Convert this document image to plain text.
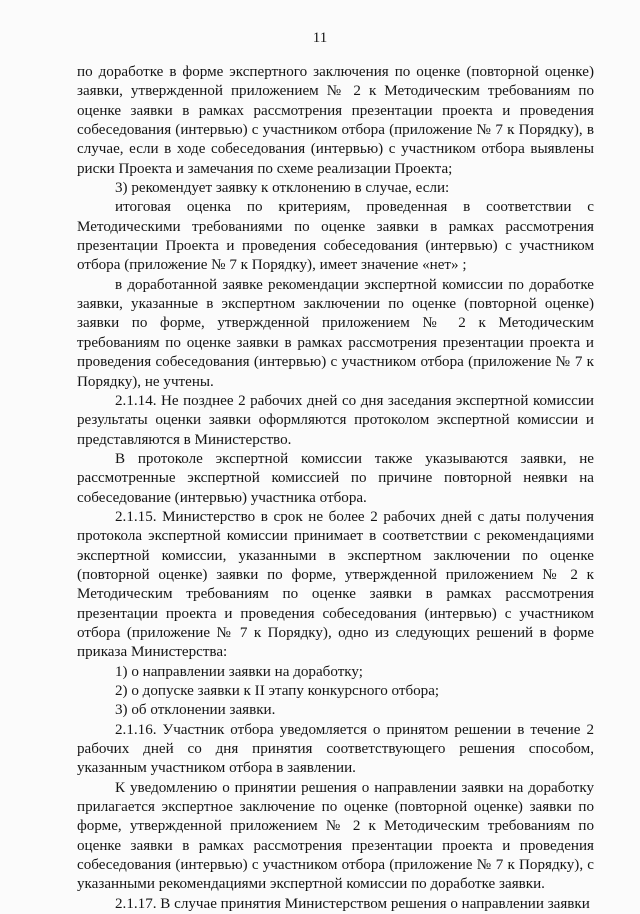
11

по доработке в форме экспертного заключения по оценке (повторной оценке) заявки, утвержденной приложением № 2 к Методическим требованиям по оценке заявки в рамках рассмотрения презентации проекта и проведения собеседования (интервью) с участником отбора (приложение № 7 к Порядку), в случае, если в ходе собеседования (интервью) с участником отбора выявлены риски Проекта и замечания по схеме реализации Проекта;

3) рекомендует заявку к отклонению в случае, если:

итоговая оценка по критериям, проведенная в соответствии с Методическими требованиями по оценке заявки в рамках рассмотрения презентации Проекта и проведения собеседования (интервью) с участником отбора (приложение № 7 к Порядку), имеет значение «нет» ;

в доработанной заявке рекомендации экспертной комиссии по доработке заявки, указанные в экспертном заключении по оценке (повторной оценке) заявки по форме, утвержденной приложением № 2 к Методическим требованиям по оценке заявки в рамках рассмотрения презентации проекта и проведения собеседования (интервью) с участником отбора (приложение № 7 к Порядку), не учтены.

2.1.14. Не позднее 2 рабочих дней со дня заседания экспертной комиссии результаты оценки заявки оформляются протоколом экспертной комиссии и представляются в Министерство.

В протоколе экспертной комиссии также указываются заявки, не рассмотренные экспертной комиссией по причине повторной неявки на собеседование (интервью) участника отбора.

2.1.15. Министерство в срок не более 2 рабочих дней с даты получения протокола экспертной комиссии принимает в соответствии с рекомендациями экспертной комиссии, указанными в экспертном заключении по оценке (повторной оценке) заявки по форме, утвержденной приложением № 2 к Методическим требованиям по оценке заявки в рамках рассмотрения презентации проекта и проведения собеседования (интервью) с участником отбора (приложение № 7 к Порядку), одно из следующих решений в форме приказа Министерства:

1) о направлении заявки на доработку;

2) о допуске заявки к II этапу конкурсного отбора;

3) об отклонении заявки.

2.1.16. Участник отбора уведомляется о принятом решении в течение 2 рабочих дней со дня принятия соответствующего решения способом, указанным участником отбора в заявлении.

К уведомлению о принятии решения о направлении заявки на доработку прилагается экспертное заключение по оценке (повторной оценке) заявки по форме, утвержденной приложением № 2 к Методическим требованиям по оценке заявки в рамках рассмотрения презентации проекта и проведения собеседования (интервью) с участником отбора (приложение № 7 к Порядку), с указанными рекомендациями экспертной комиссии по доработке заявки.

2.1.17. В случае принятия Министерством решения о направлении заявки
